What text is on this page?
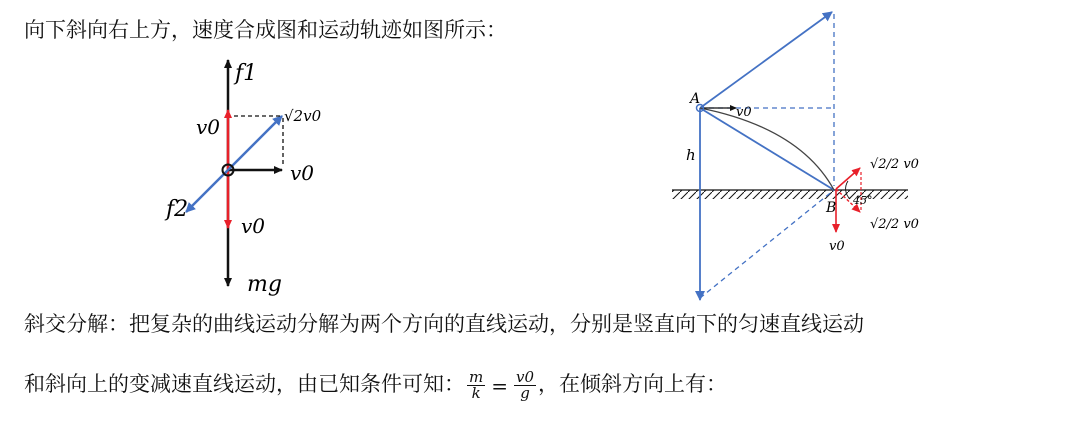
向下斜向右上方，速度合成图和运动轨迹如图所示：
f1
v0	√2v0
v0
f2
v0
mg
A
v0
h
B 45°
v0
√2/2 v0
√2/2 v0
斜交分解：把复杂的曲线运动分解为两个方向的直线运动，分别是竖直向下的匀速直线运动
和斜向上的变减速直线运动，由已知条件可知： $\frac{m}{k} = \frac{v0}{g}$ ，在倾斜方向上有：
